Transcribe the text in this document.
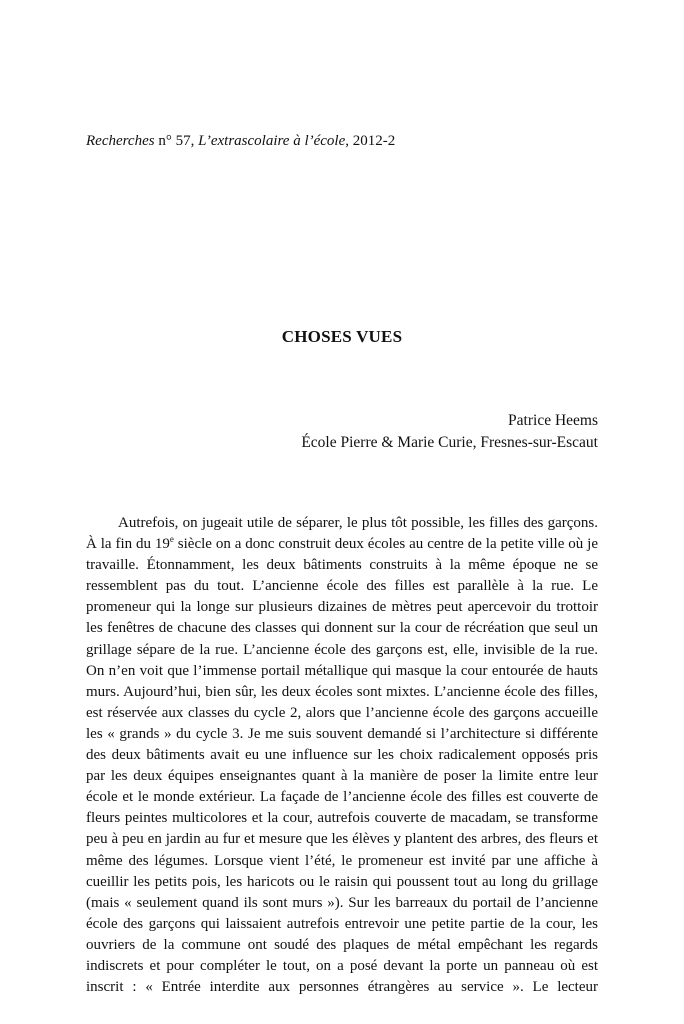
Recherches n° 57, L’extrascolaire à l’école, 2012-2
CHOSES VUES
Patrice Heems
École Pierre & Marie Curie, Fresnes-sur-Escaut
Autrefois, on jugeait utile de séparer, le plus tôt possible, les filles des garçons.
À la fin du 19e siècle on a donc construit deux écoles au centre de la petite ville où je
travaille. Étonnamment, les deux bâtiments construits à la même époque ne se
ressemblent pas du tout. L’ancienne école des filles est parallèle à la rue. Le
promeneur qui la longe sur plusieurs dizaines de mètres peut apercevoir du trottoir
les fenêtres de chacune des classes qui donnent sur la cour de récréation que seul un
grillage sépare de la rue. L’ancienne école des garçons est, elle, invisible de la rue.
On n’en voit que l’immense portail métallique qui masque la cour entourée de hauts
murs. Aujourd’hui, bien sûr, les deux écoles sont mixtes. L’ancienne école des filles,
est réservée aux classes du cycle 2, alors que l’ancienne école des garçons accueille
les « grands » du cycle 3. Je me suis souvent demandé si l’architecture si différente
des deux bâtiments avait eu une influence sur les choix radicalement opposés pris
par les deux équipes enseignantes quant à la manière de poser la limite entre leur
école et le monde extérieur. La façade de l’ancienne école des filles est couverte de
fleurs peintes multicolores et la cour, autrefois couverte de macadam, se transforme
peu à peu en jardin au fur et mesure que les élèves y plantent des arbres, des fleurs et
même des légumes. Lorsque vient l’été, le promeneur est invité par une affiche à
cueillir les petits pois, les haricots ou le raisin qui poussent tout au long du grillage
(mais « seulement quand ils sont murs »). Sur les barreaux du portail de l’ancienne
école des garçons qui laissaient autrefois entrevoir une petite partie de la cour, les
ouvriers de la commune ont soudé des plaques de métal empêchant les regards
indiscrets et pour compléter le tout, on a posé devant la porte un panneau où est
inscrit : « Entrée interdite aux personnes étrangères au service ». Le lecteur
